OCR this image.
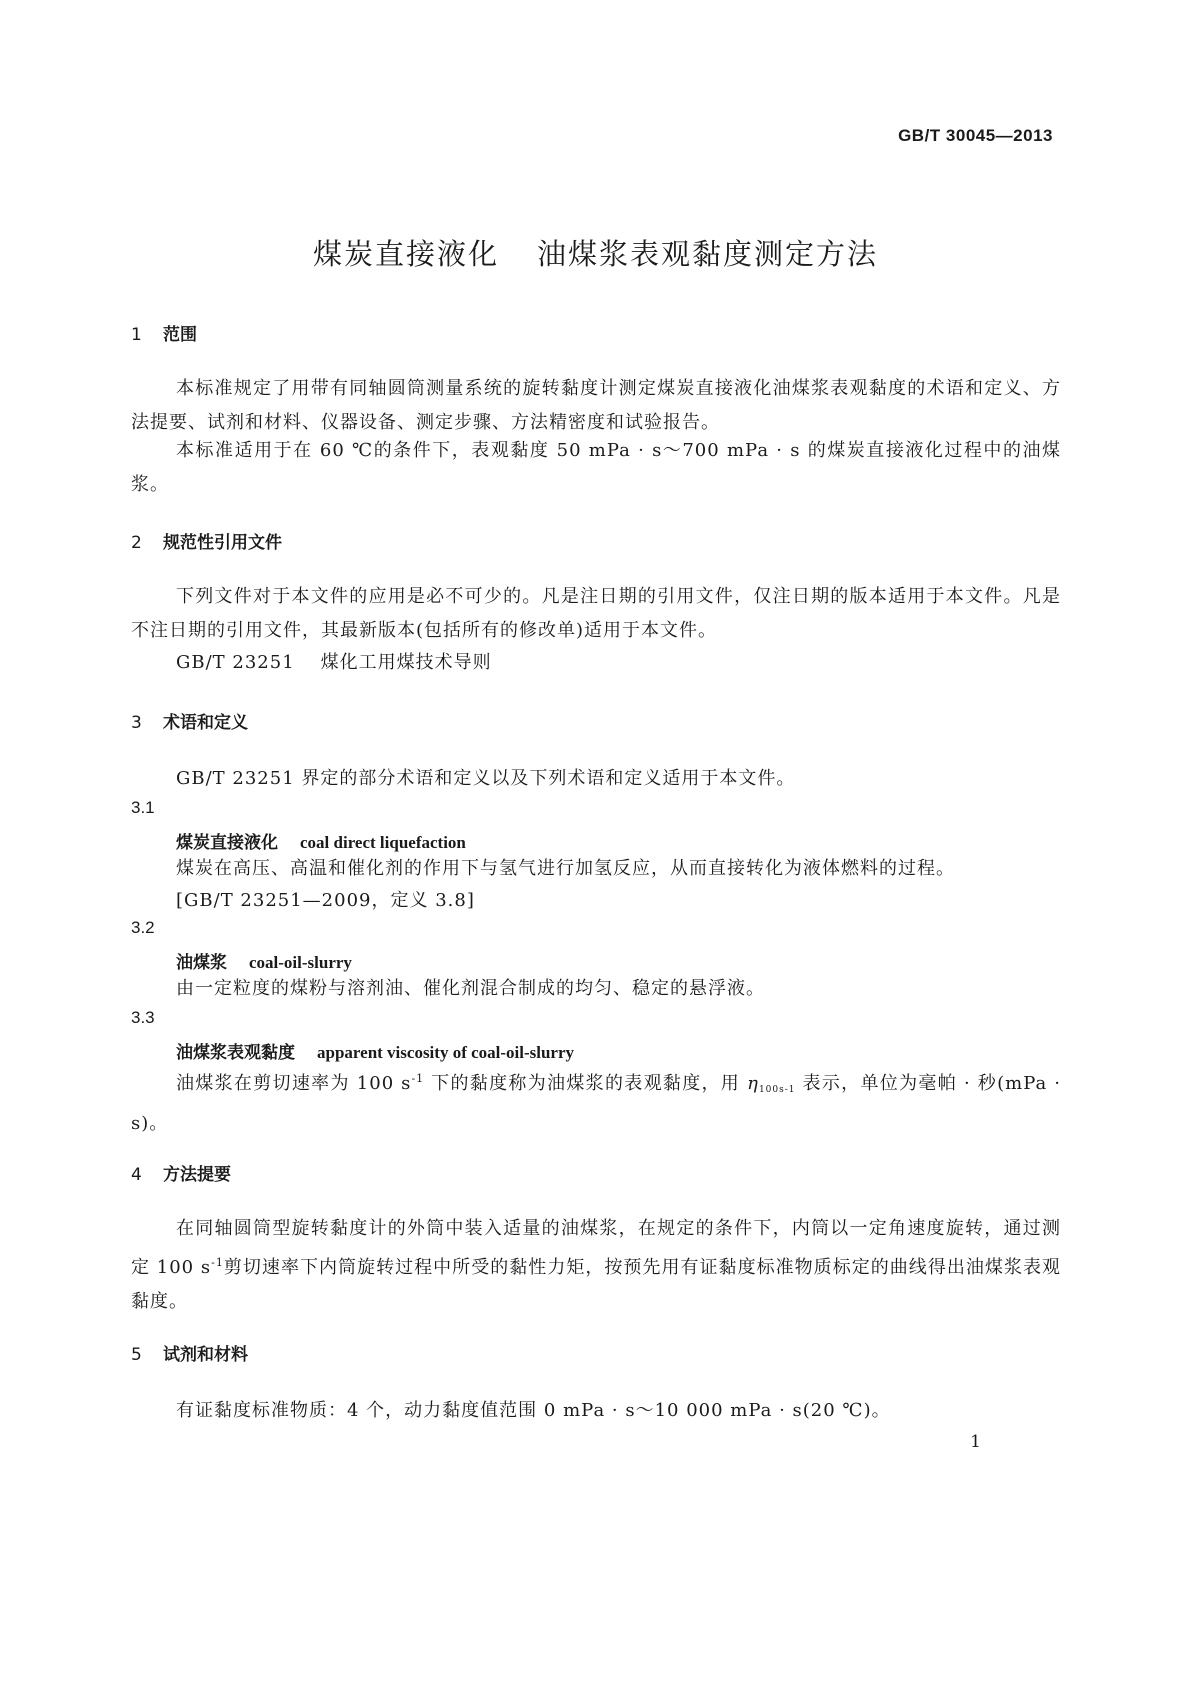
GB/T 30045—2013
煤炭直接液化 油煤浆表观黏度测定方法
1 范围
本标准规定了用带有同轴圆筒测量系统的旋转黏度计测定煤炭直接液化油煤浆表观黏度的术语和定义、方法提要、试剂和材料、仪器设备、测定步骤、方法精密度和试验报告。
本标准适用于在 60 ℃的条件下，表观黏度 50 mPa · s～700 mPa · s 的煤炭直接液化过程中的油煤浆。
2 规范性引用文件
下列文件对于本文件的应用是必不可少的。凡是注日期的引用文件，仅注日期的版本适用于本文件。凡是不注日期的引用文件，其最新版本(包括所有的修改单)适用于本文件。
GB/T 23251 煤化工用煤技术导则
3 术语和定义
GB/T 23251 界定的部分术语和定义以及下列术语和定义适用于本文件。
3.1
煤炭直接液化 coal direct liquefaction
煤炭在高压、高温和催化剂的作用下与氢气进行加氢反应，从而直接转化为液体燃料的过程。
[GB/T 23251—2009，定义 3.8]
3.2
油煤浆 coal-oil-slurry
由一定粒度的煤粉与溶剂油、催化剂混合制成的均匀、稳定的悬浮液。
3.3
油煤浆表观黏度 apparent viscosity of coal-oil-slurry
油煤浆在剪切速率为 100 $s^{-1}$ 下的黏度称为油煤浆的表观黏度，用 $\eta_{100s-1}$ 表示，单位为毫帕 · 秒(mPa · s)。
4 方法提要
在同轴圆筒型旋转黏度计的外筒中装入适量的油煤浆，在规定的条件下，内筒以一定角速度旋转，通过测定 100 $s^{-1}$剪切速率下内筒旋转过程中所受的黏性力矩，按预先用有证黏度标准物质标定的曲线得出油煤浆表观黏度。
5 试剂和材料
有证黏度标准物质：4 个，动力黏度值范围 0 mPa · s～10 000 mPa · s(20 ℃)。
1
